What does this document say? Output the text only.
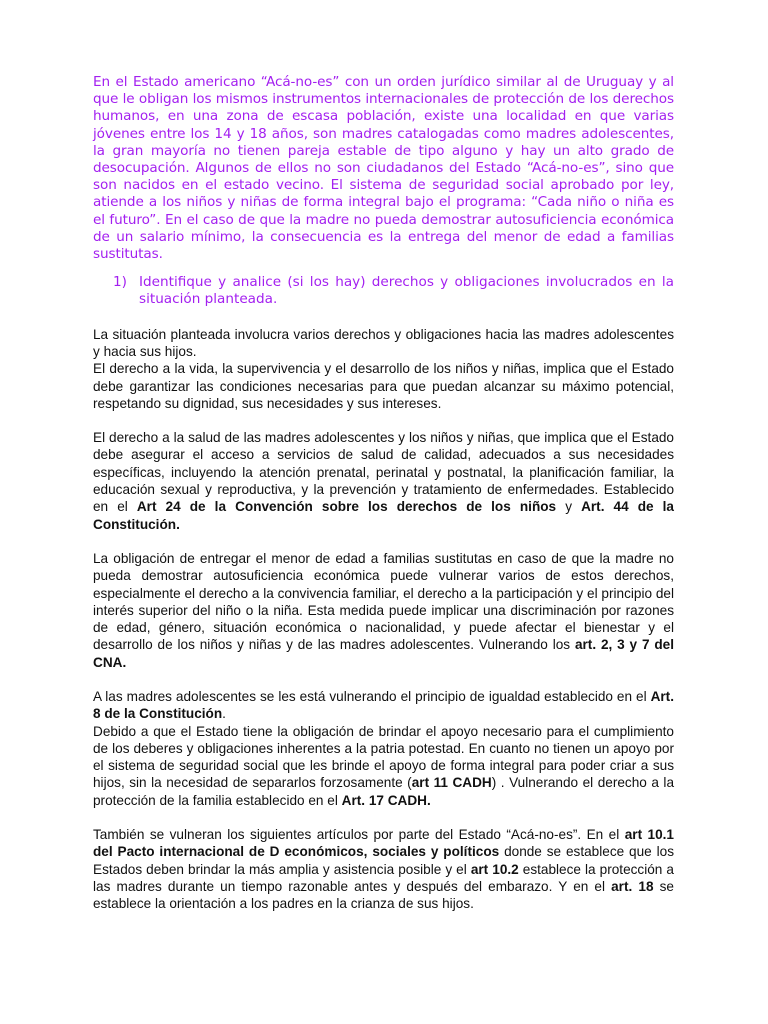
En el Estado americano “Acá-no-es” con un orden jurídico similar al de Uruguay y al que le obligan los mismos instrumentos internacionales de protección de los derechos humanos, en una zona de escasa población, existe una localidad en que varias jóvenes entre los 14 y 18 años, son madres catalogadas como madres adolescentes, la gran mayoría no tienen pareja estable de tipo alguno y hay un alto grado de desocupación. Algunos de ellos no son ciudadanos del Estado “Acá-no-es”, sino que son nacidos en el estado vecino. El sistema de seguridad social aprobado por ley, atiende a los niños y niñas de forma integral bajo el programa: “Cada niño o niña es el futuro”. En el caso de que la madre no pueda demostrar autosuficiencia económica de un salario mínimo, la consecuencia es la entrega del menor de edad a familias sustitutas.

1) Identifique y analice (si los hay) derechos y obligaciones involucrados en la situación planteada.

La situación planteada involucra varios derechos y obligaciones hacia las madres adolescentes y hacia sus hijos.

El derecho a la vida, la supervivencia y el desarrollo de los niños y niñas, implica que el Estado debe garantizar las condiciones necesarias para que puedan alcanzar su máximo potencial, respetando su dignidad, sus necesidades y sus intereses.

El derecho a la salud de las madres adolescentes y los niños y niñas, que implica que el Estado debe asegurar el acceso a servicios de salud de calidad, adecuados a sus necesidades específicas, incluyendo la atención prenatal, perinatal y postnatal, la planificación familiar, la educación sexual y reproductiva, y la prevención y tratamiento de enfermedades. Establecido en el Art 24 de la Convención sobre los derechos de los niños y Art. 44 de la Constitución.

La obligación de entregar el menor de edad a familias sustitutas en caso de que la madre no pueda demostrar autosuficiencia económica puede vulnerar varios de estos derechos, especialmente el derecho a la convivencia familiar, el derecho a la participación y el principio del interés superior del niño o la niña. Esta medida puede implicar una discriminación por razones de edad, género, situación económica o nacionalidad, y puede afectar el bienestar y el desarrollo de los niños y niñas y de las madres adolescentes. Vulnerando los art. 2, 3 y 7 del CNA.

A las madres adolescentes se les está vulnerando el principio de igualdad establecido en el Art. 8 de la Constitución.

Debido a que el Estado tiene la obligación de brindar el apoyo necesario para el cumplimiento de los deberes y obligaciones inherentes a la patria potestad. En cuanto no tienen un apoyo por el sistema de seguridad social que les brinde el apoyo de forma integral para poder criar a sus hijos, sin la necesidad de separarlos forzosamente (art 11 CADH) . Vulnerando el derecho a la protección de la familia establecido en el Art. 17 CADH.

También se vulneran los siguientes artículos por parte del Estado “Acá-no-es”. En el art 10.1 del Pacto internacional de D económicos, sociales y políticos donde se establece que los Estados deben brindar la más amplia y asistencia posible y el art 10.2 establece la protección a las madres durante un tiempo razonable antes y después del embarazo. Y en el art. 18 se establece la orientación a los padres en la crianza de sus hijos.
